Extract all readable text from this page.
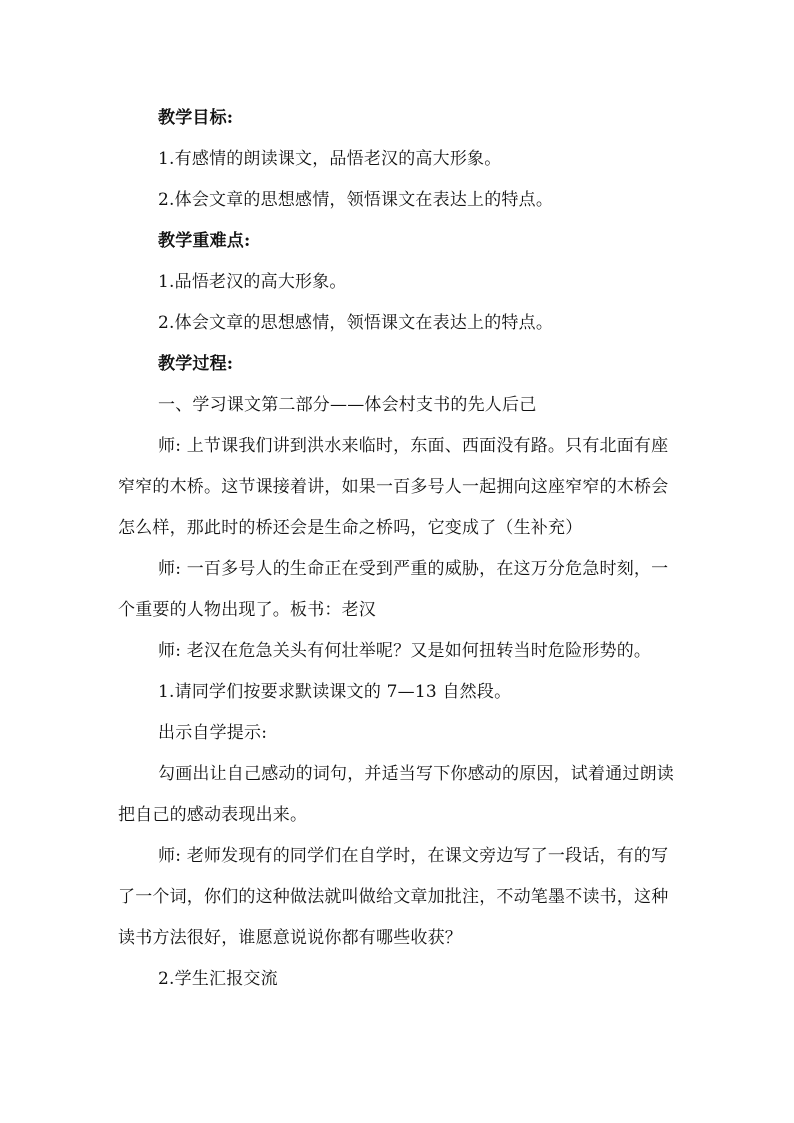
教学目标:

1.有感情的朗读课文，品悟老汉的高大形象。

2.体会文章的思想感情，领悟课文在表达上的特点。

教学重难点:

1.品悟老汉的高大形象。

2.体会文章的思想感情，领悟课文在表达上的特点。

教学过程:

一、学习课文第二部分——体会村支书的先人后己

师: 上节课我们讲到洪水来临时，东面、西面没有路。只有北面有座窄窄的木桥。这节课接着讲，如果一百多号人一起拥向这座窄窄的木桥会怎么样，那此时的桥还会是生命之桥吗，它变成了（生补充）

师: 一百多号人的生命正在受到严重的威胁，在这万分危急时刻，一个重要的人物出现了。板书：老汉

师: 老汉在危急关头有何壮举呢？又是如何扭转当时危险形势的。

1.请同学们按要求默读课文的 7—13 自然段。

出示自学提示:

勾画出让自己感动的词句，并适当写下你感动的原因，试着通过朗读把自己的感动表现出来。

师: 老师发现有的同学们在自学时，在课文旁边写了一段话，有的写了一个词，你们的这种做法就叫做给文章加批注，不动笔墨不读书，这种读书方法很好，谁愿意说说你都有哪些收获？

2.学生汇报交流
